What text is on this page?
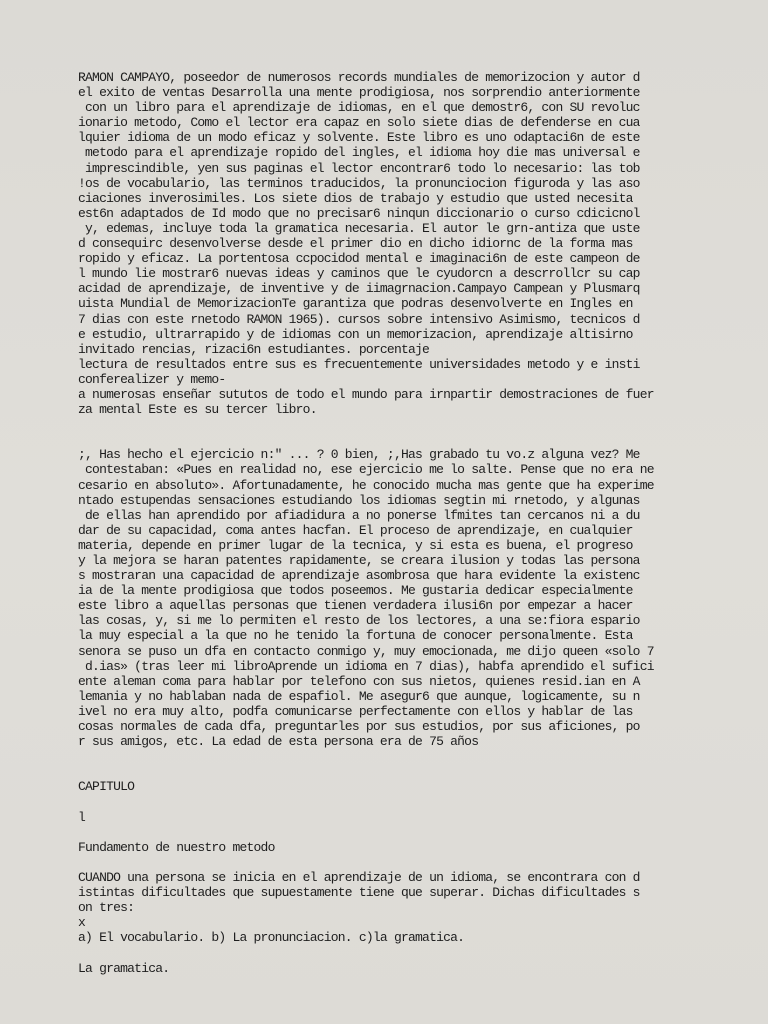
RAMON CAMPAYO, poseedor de numerosos records mundiales de memorizocion y autor d
el exito de ventas Desarrolla una mente prodigiosa, nos sorprendio anteriormente
con un libro para el aprendizaje de idiomas, en el que demostr6, con SU revoluc
ionario metodo, Como el lector era capaz en solo siete dias de defenderse en cua
lquier idioma de un modo eficaz y solvente. Este libro es uno odaptaci6n de este
metodo para el aprendizaje ropido del ingles, el idioma hoy die mas universal e
imprescindible, yen sus paginas el lector encontrar6 todo lo necesario: las tob
!os de vocabulario, las terminos traducidos, la pronunciocion figuroda y las aso
ciaciones inverosimiles. Los siete dios de trabajo y estudio que usted necesita
est6n adaptados de Id modo que no precisar6 ninqun diccionario o curso cdicicnol
y, edemas, incluye toda la gramatica necesaria. El autor le grn-antiza que uste
d consequirc desenvolverse desde el primer dio en dicho idiornc de la forma mas
ropido y eficaz. La portentosa ccpocidod mental e imaginaci6n de este campeon de
l mundo lie mostrar6 nuevas ideas y caminos que le cyudorcn a descrrollcr su cap
acidad de aprendizaje, de inventive y de iimagrnacion.Campayo Campean y Plusmarq
uista Mundial de MemorizacionTe garantiza que podras desenvolverte en Ingles en
7 dias con este rnetodo RAMON 1965). cursos sobre intensivo Asimismo, tecnicos d
e estudio, ultrarrapido y de idiomas con un memorizacion, aprendizaje altisirno
invitado rencias, rizaci6n estudiantes. porcentaje
lectura de resultados entre sus es frecuentemente universidades metodo y e insti
conferealizer y memo-
a numerosas enseñar sututos de todo el mundo para irnpartir demostraciones de fuer
za mental Este es su tercer libro.
;, Has hecho el ejercicio n:" ... ? 0 bien, ;,Has grabado tu vo.z alguna vez? Me
contestaban: «Pues en realidad no, ese ejercicio me lo salte. Pense que no era ne
cesario en absoluto». Afortunadamente, he conocido mucha mas gente que ha experime
ntado estupendas sensaciones estudiando los idiomas segtin mi rnetodo, y algunas
de ellas han aprendido por afiadidura a no ponerse lfmites tan cercanos ni a du
dar de su capacidad, coma antes hacfan. El proceso de aprendizaje, en cualquier
materia, depende en primer lugar de la tecnica, y si esta es buena, el progreso
y la mejora se haran patentes rapidamente, se creara ilusion y todas las persona
s mostraran una capacidad de aprendizaje asombrosa que hara evidente la existenc
ia de la mente prodigiosa que todos poseemos. Me gustaria dedicar especialmente
este libro a aquellas personas que tienen verdadera ilusi6n por empezar a hacer
las cosas, y, si me lo permiten el resto de los lectores, a una se:fiora espario
la muy especial a la que no he tenido la fortuna de conocer personalmente. Esta
senora se puso un dfa en contacto conmigo y, muy emocionada, me dijo queen «solo 7
d.ias» (tras leer mi libroAprende un idioma en 7 dias), habfa aprendido el sufici
ente aleman coma para hablar por telefono con sus nietos, quienes resid.ian en A
lemania y no hablaban nada de espafiol. Me asegur6 que aunque, logicamente, su n
ivel no era muy alto, podfa comunicarse perfectamente con ellos y hablar de las
cosas normales de cada dfa, preguntarles por sus estudios, por sus aficiones, po
r sus amigos, etc. La edad de esta persona era de 75 años
CAPITULO
l
Fundamento de nuestro metodo
CUANDO una persona se inicia en el aprendizaje de un idioma, se encontrara con d
istintas dificultades que supuestamente tiene que superar. Dichas dificultades s
on tres:
x
a) El vocabulario. b) La pronunciacion. c)la gramatica.
La gramatica.
